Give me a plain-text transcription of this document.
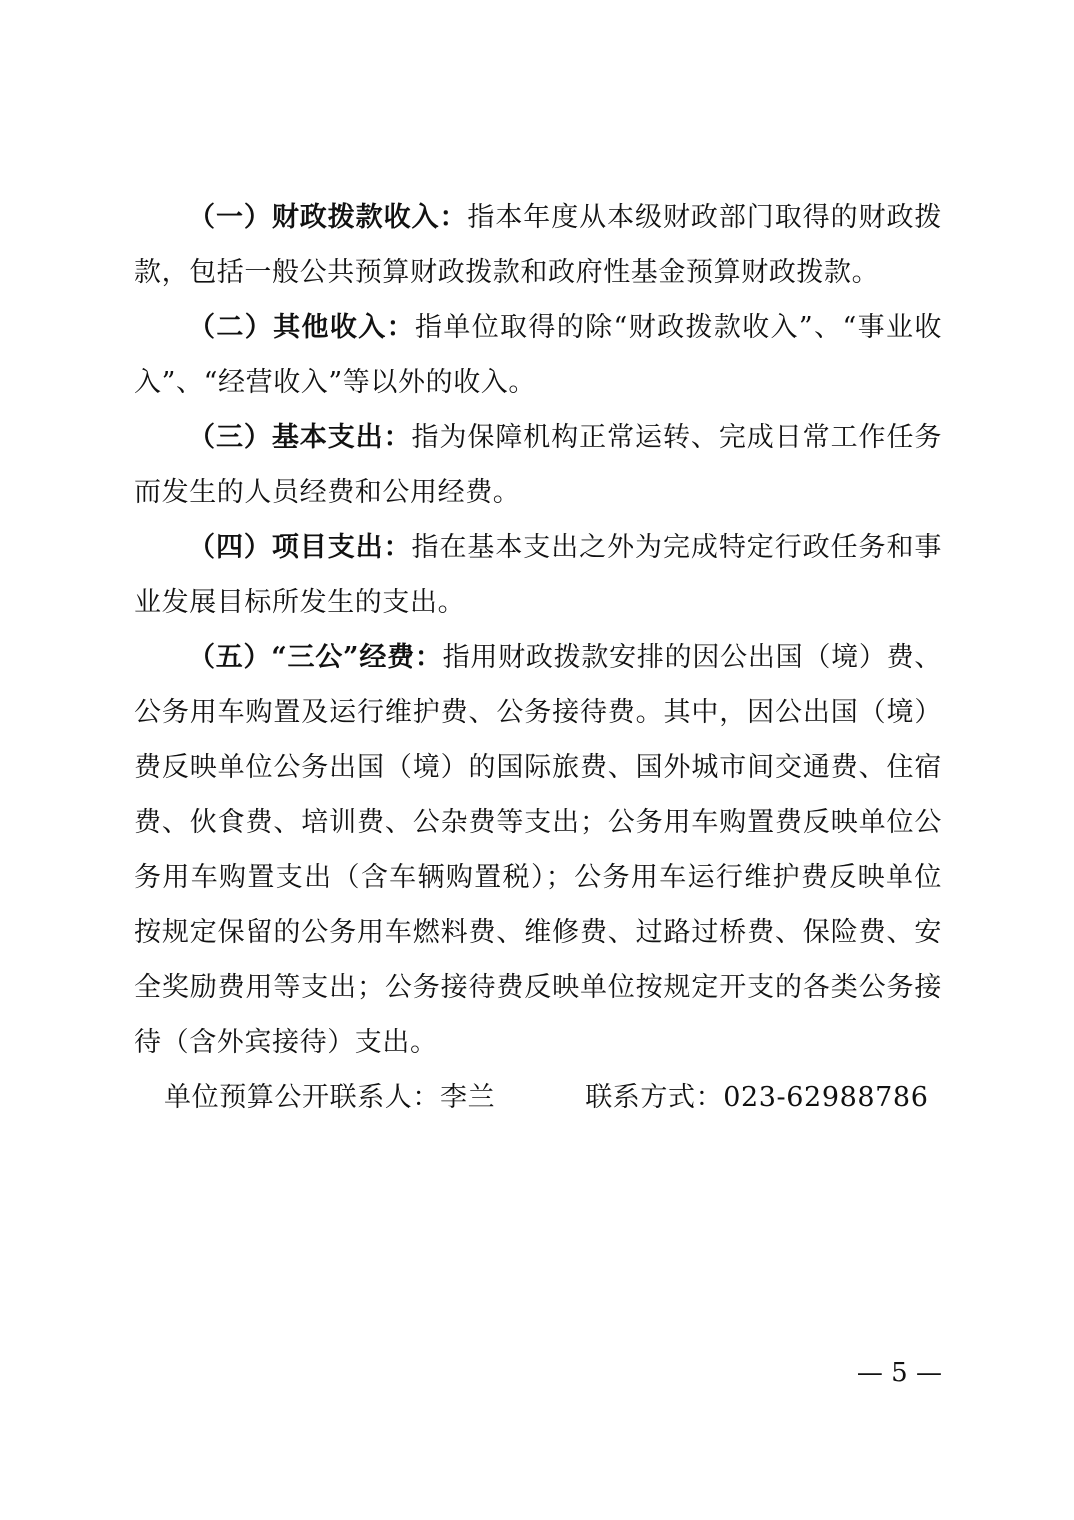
（一）财政拨款收入：指本年度从本级财政部门取得的财政拨款，包括一般公共预算财政拨款和政府性基金预算财政拨款。

（二）其他收入：指单位取得的除“财政拨款收入”、“事业收入”、“经营收入”等以外的收入。

（三）基本支出：指为保障机构正常运转、完成日常工作任务而发生的人员经费和公用经费。

（四）项目支出：指在基本支出之外为完成特定行政任务和事业发展目标所发生的支出。

（五）“三公”经费：指用财政拨款安排的因公出国（境）费、公务用车购置及运行维护费、公务接待费。其中，因公出国（境）费反映单位公务出国（境）的国际旅费、国外城市间交通费、住宿费、伙食费、培训费、公杂费等支出；公务用车购置费反映单位公务用车购置支出（含车辆购置税）；公务用车运行维护费反映单位按规定保留的公务用车燃料费、维修费、过路过桥费、保险费、安全奖励费用等支出；公务接待费反映单位按规定开支的各类公务接待（含外宾接待）支出。

单位预算公开联系人：李兰	联系方式：023-62988786

— 5 —
